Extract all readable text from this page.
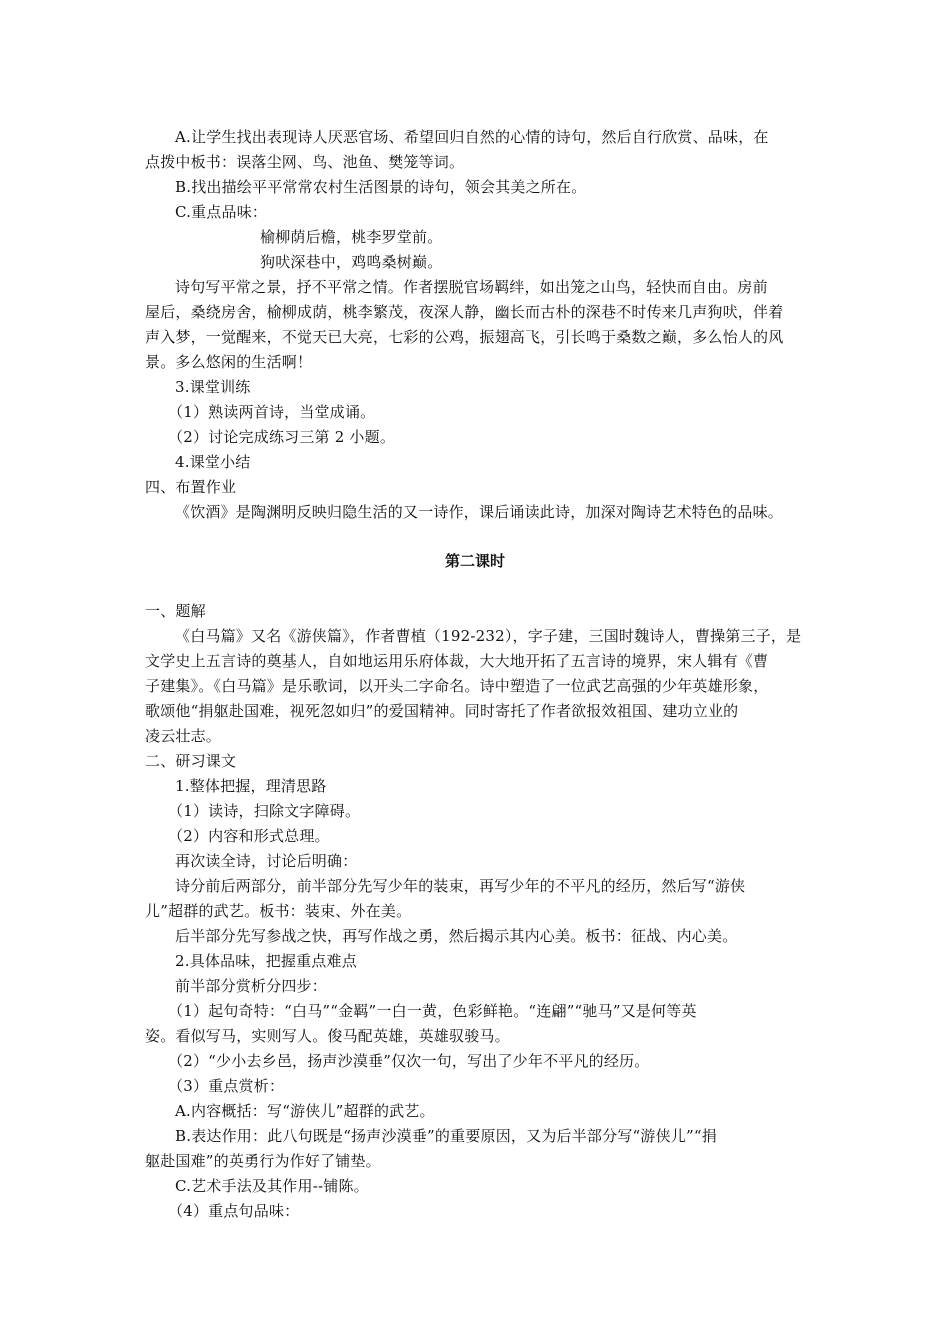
A.让学生找出表现诗人厌恶官场、希望回归自然的心情的诗句，然后自行欣赏、品味，在
点拨中板书：误落尘网、鸟、池鱼、樊笼等词。
B.找出描绘平平常常农村生活图景的诗句，领会其美之所在。
C.重点品味：
榆柳荫后檐，桃李罗堂前。
狗吠深巷中，鸡鸣桑树巅。
诗句写平常之景，抒不平常之情。作者摆脱官场羁绊，如出笼之山鸟，轻快而自由。房前
屋后，桑绕房舍，榆柳成荫，桃李繁茂，夜深人静，幽长而古朴的深巷不时传来几声狗吠，伴着
声入梦，一觉醒来，不觉天已大亮，七彩的公鸡，振翅高飞，引长鸣于桑数之巅，多么怡人的风
景。多么悠闲的生活啊！
3.课堂训练
（1）熟读两首诗，当堂成诵。
（2）讨论完成练习三第 2 小题。
4.课堂小结
四、布置作业
《饮酒》是陶渊明反映归隐生活的又一诗作，课后诵读此诗，加深对陶诗艺术特色的品味。
第二课时
一、题解
《白马篇》又名《游侠篇》，作者曹植（192-232），字子建，三国时魏诗人，曹操第三子，是
文学史上五言诗的奠基人，自如地运用乐府体裁，大大地开拓了五言诗的境界，宋人辑有《曹
子建集》。《白马篇》是乐歌词，以开头二字命名。诗中塑造了一位武艺高强的少年英雄形象，
歌颂他“捐躯赴国难，视死忽如归”的爱国精神。同时寄托了作者欲报效祖国、建功立业的
凌云壮志。
二、研习课文
1.整体把握，理清思路
（1）读诗，扫除文字障碍。
（2）内容和形式总理。
再次读全诗，讨论后明确：
诗分前后两部分，前半部分先写少年的装束，再写少年的不平凡的经历，然后写“游侠
儿”超群的武艺。板书：装束、外在美。
后半部分先写参战之快，再写作战之勇，然后揭示其内心美。板书：征战、内心美。
2.具体品味，把握重点难点
前半部分赏析分四步：
（1）起句奇特：“白马”“金羁”一白一黄，色彩鲜艳。“连翩”“驰马”又是何等英
姿。看似写马，实则写人。俊马配英雄，英雄驭骏马。
（2）“少小去乡邑，扬声沙漠垂”仅次一句，写出了少年不平凡的经历。
（3）重点赏析：
A.内容概括：写“游侠儿”超群的武艺。
B.表达作用：此八句既是“扬声沙漠垂”的重要原因，又为后半部分写“游侠儿”“捐
躯赴国难”的英勇行为作好了铺垫。
C.艺术手法及其作用--铺陈。
（4）重点句品味：
